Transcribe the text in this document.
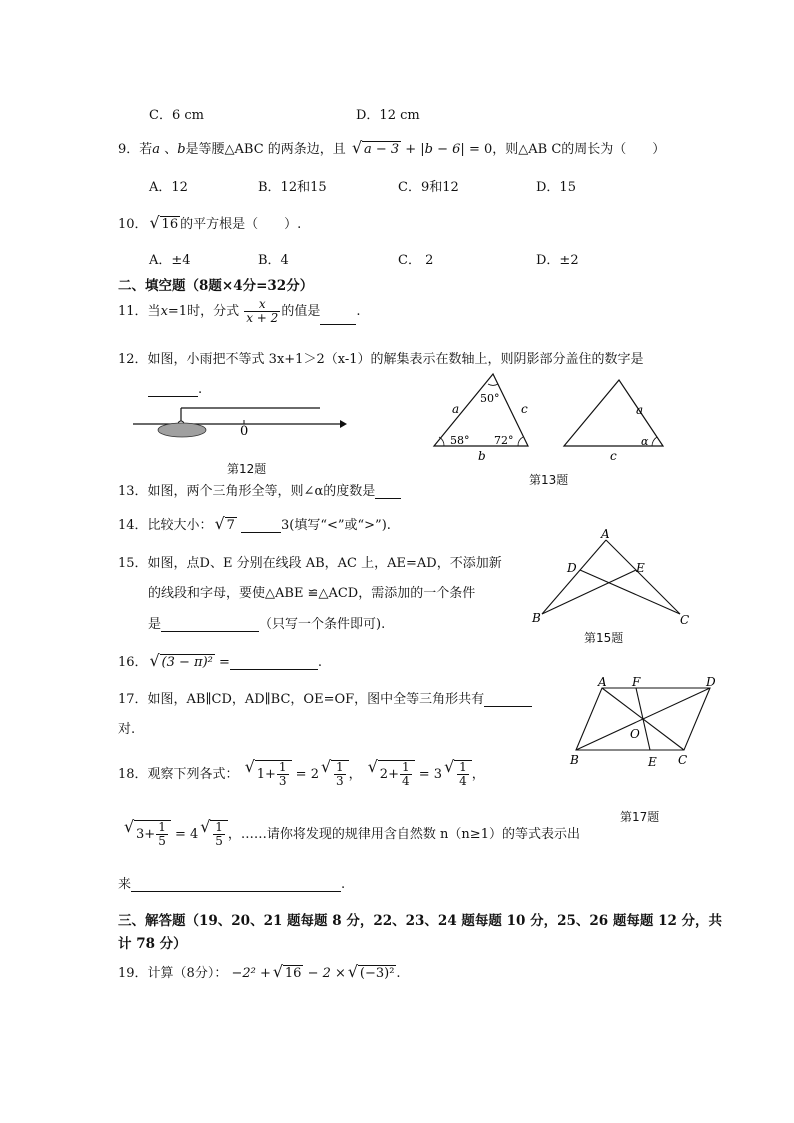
C．6 cm	D．12 cm
9．若a 、b是等腰△ABC 的两条边，且 √ a − 3 + |b − 6| = 0，则△AB C的周长为（　　）
A．12	B．12和15	C．9和12	D．15
10． √ 16 的平方根是（　　）.
A．±4	B．4	C． 2	D．±2
二、填空题（8题×4分=32分）
11．当x=1时，分式 $\frac{x}{x + 2}$ 的值是	.
12．如图，小雨把不等式 3x+1＞2（x-1）的解集表示在数轴上，则阴影部分盖住的数字是
.
0
第12题
50°
58° 72°
a	c
b
a
c
α
第13题
13．如图，两个三角形全等，则∠α的度数是
14．比较大小： √ 7	3(填写“<”或“>”).
15．如图，点D、E 分别在线段 AB，AC 上，AE=AD，不添加新
的线段和字母，要使△ABE ≌△ACD，需添加的一个条件
是	（只写一个条件即可).
A
D	E
B	C
第15题
16． √ (3 − π)² =	.
17．如图，AB∥CD，AD∥BC，OE=OF，图中全等三角形共有
对.
A F	D
B	E C
O
第17题
18．观察下列各式： √ $1+ \frac{1}{3} = 2$ √ $\frac{1}{3}$ ， √ $2+ \frac{1}{4} = 3$ √ $\frac{1}{4}$ ，
√ $3+ \frac{1}{5} = 4$ √ $\frac{1}{5}$ ，……请你将发现的规律用含自然数 n（n≥1）的等式表示出
来	.
三、解答题（19、20、21 题每题 8 分，22、23、24 题每题 10 分，25、26 题每题 12 分，共
计 78 分）
19．计算（8分）： −2² + √ 16 − 2 × √ (−3)² .
